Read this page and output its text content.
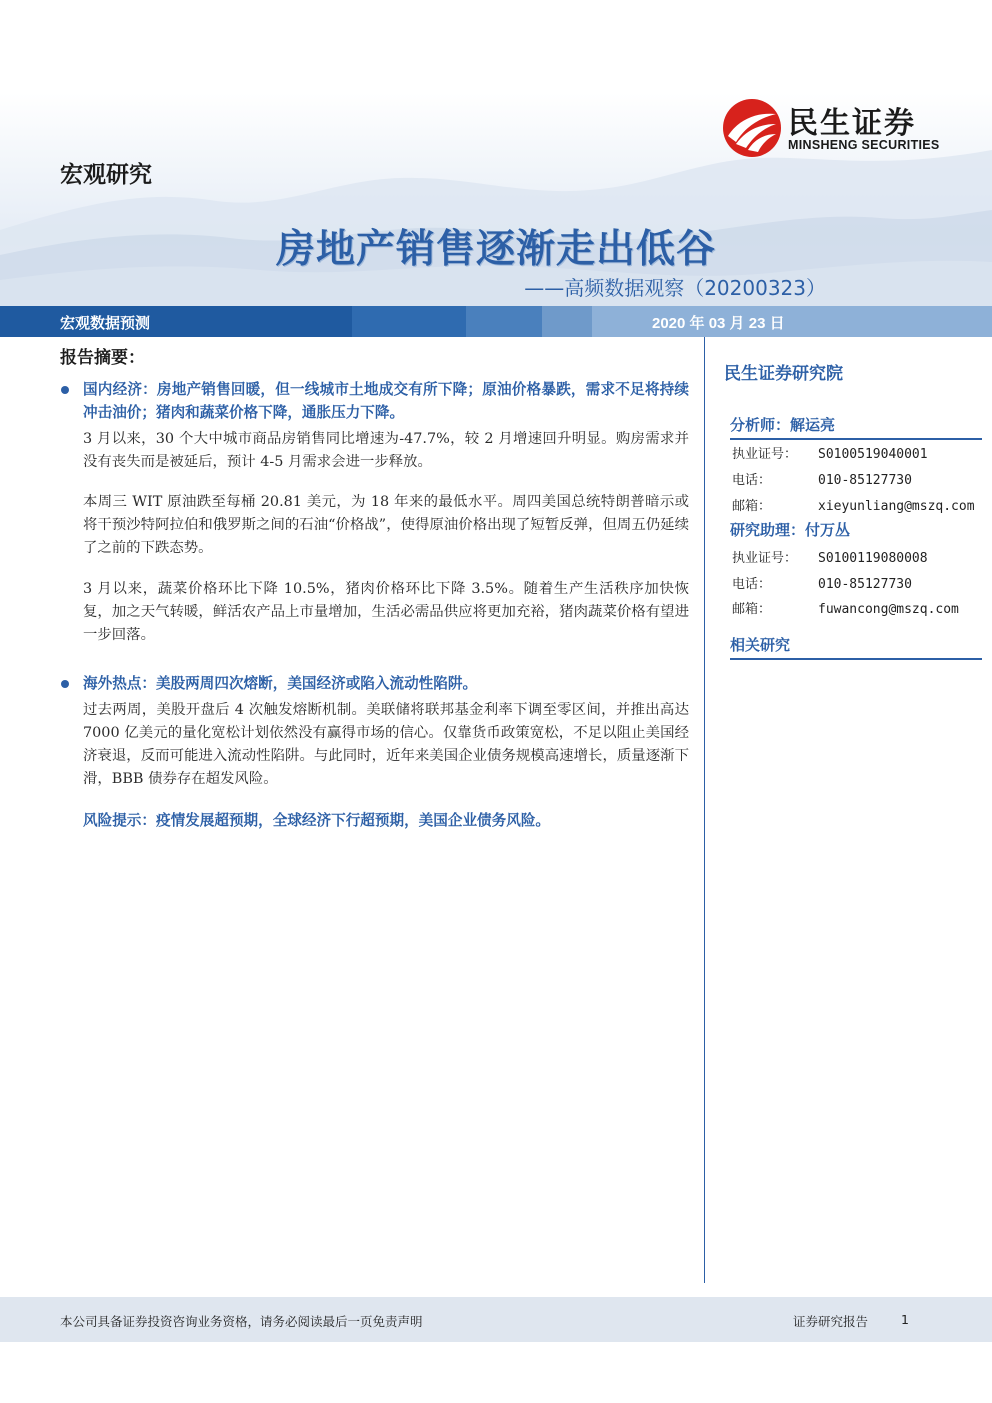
民生证券
MINSHENG SECURITIES
宏观研究
房地产销售逐渐走出低谷
——高频数据观察（20200323）
宏观数据预测	2020 年 03 月 23 日
报告摘要：
国内经济：房地产销售回暖，但一线城市土地成交有所下降；原油价格暴跌，需求不足将持续冲击油价；猪肉和蔬菜价格下降，通胀压力下降。
3 月以来，30 个大中城市商品房销售同比增速为-47.7%，较 2 月增速回升明显。购房需求并没有丧失而是被延后，预计 4-5 月需求会进一步释放。
本周三 WIT 原油跌至每桶 20.81 美元，为 18 年来的最低水平。周四美国总统特朗普暗示或将干预沙特阿拉伯和俄罗斯之间的石油“价格战”，使得原油价格出现了短暂反弹，但周五仍延续了之前的下跌态势。
3 月以来，蔬菜价格环比下降 10.5%，猪肉价格环比下降 3.5%。随着生产生活秩序加快恢复，加之天气转暖，鲜活农产品上市量增加，生活必需品供应将更加充裕，猪肉蔬菜价格有望进一步回落。
海外热点：美股两周四次熔断，美国经济或陷入流动性陷阱。
过去两周，美股开盘后 4 次触发熔断机制。美联储将联邦基金利率下调至零区间，并推出高达 7000 亿美元的量化宽松计划依然没有赢得市场的信心。仅靠货币政策宽松，不足以阻止美国经济衰退，反而可能进入流动性陷阱。与此同时，近年来美国企业债务规模高速增长，质量逐渐下滑，BBB 债券存在超发风险。
风险提示：疫情发展超预期，全球经济下行超预期，美国企业债务风险。
民生证券研究院
分析师：解运亮
执业证号： S0100519040001
电话：	010-85127730
邮箱：	xieyunliang@mszq.com
研究助理：付万丛
执业证号： S0100119080008
电话：	010-85127730
邮箱：	fuwancong@mszq.com
相关研究
本公司具备证券投资咨询业务资格，请务必阅读最后一页免责声明	证券研究报告	1
